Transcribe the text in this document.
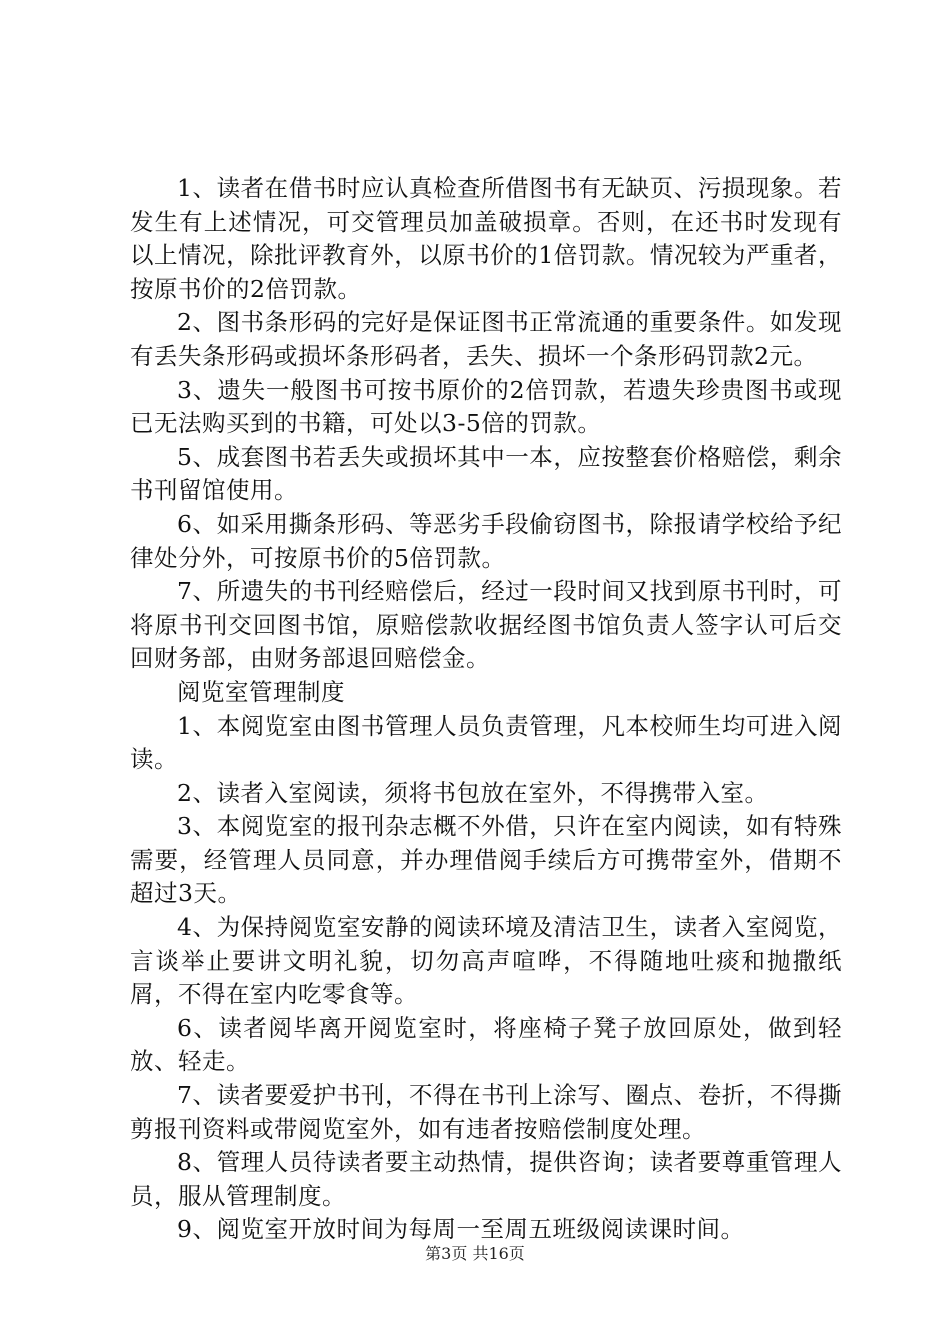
1、读者在借书时应认真检查所借图书有无缺页、污损现象。若发生有上述情况，可交管理员加盖破损章。否则，在还书时发现有以上情况，除批评教育外，以原书价的1倍罚款。情况较为严重者，按原书价的2倍罚款。

2、图书条形码的完好是保证图书正常流通的重要条件。如发现有丢失条形码或损坏条形码者，丢失、损坏一个条形码罚款2元。

3、遗失一般图书可按书原价的2倍罚款，若遗失珍贵图书或现已无法购买到的书籍，可处以3-5倍的罚款。

5、成套图书若丢失或损坏其中一本，应按整套价格赔偿，剩余书刊留馆使用。

6、如采用撕条形码、等恶劣手段偷窃图书，除报请学校给予纪律处分外，可按原书价的5倍罚款。

7、所遗失的书刊经赔偿后，经过一段时间又找到原书刊时，可将原书刊交回图书馆，原赔偿款收据经图书馆负责人签字认可后交回财务部，由财务部退回赔偿金。

阅览室管理制度

1、本阅览室由图书管理人员负责管理，凡本校师生均可进入阅读。

2、读者入室阅读，须将书包放在室外，不得携带入室。

3、本阅览室的报刊杂志概不外借，只许在室内阅读，如有特殊需要，经管理人员同意，并办理借阅手续后方可携带室外，借期不超过3天。

4、为保持阅览室安静的阅读环境及清洁卫生，读者入室阅览，言谈举止要讲文明礼貌，切勿高声喧哗，不得随地吐痰和抛撒纸屑，不得在室内吃零食等。

6、读者阅毕离开阅览室时，将座椅子凳子放回原处，做到轻放、轻走。

7、读者要爱护书刊，不得在书刊上涂写、圈点、卷折，不得撕剪报刊资料或带阅览室外，如有违者按赔偿制度处理。

8、管理人员待读者要主动热情，提供咨询；读者要尊重管理人员，服从管理制度。

9、阅览室开放时间为每周一至周五班级阅读课时间。

第3页 共16页
